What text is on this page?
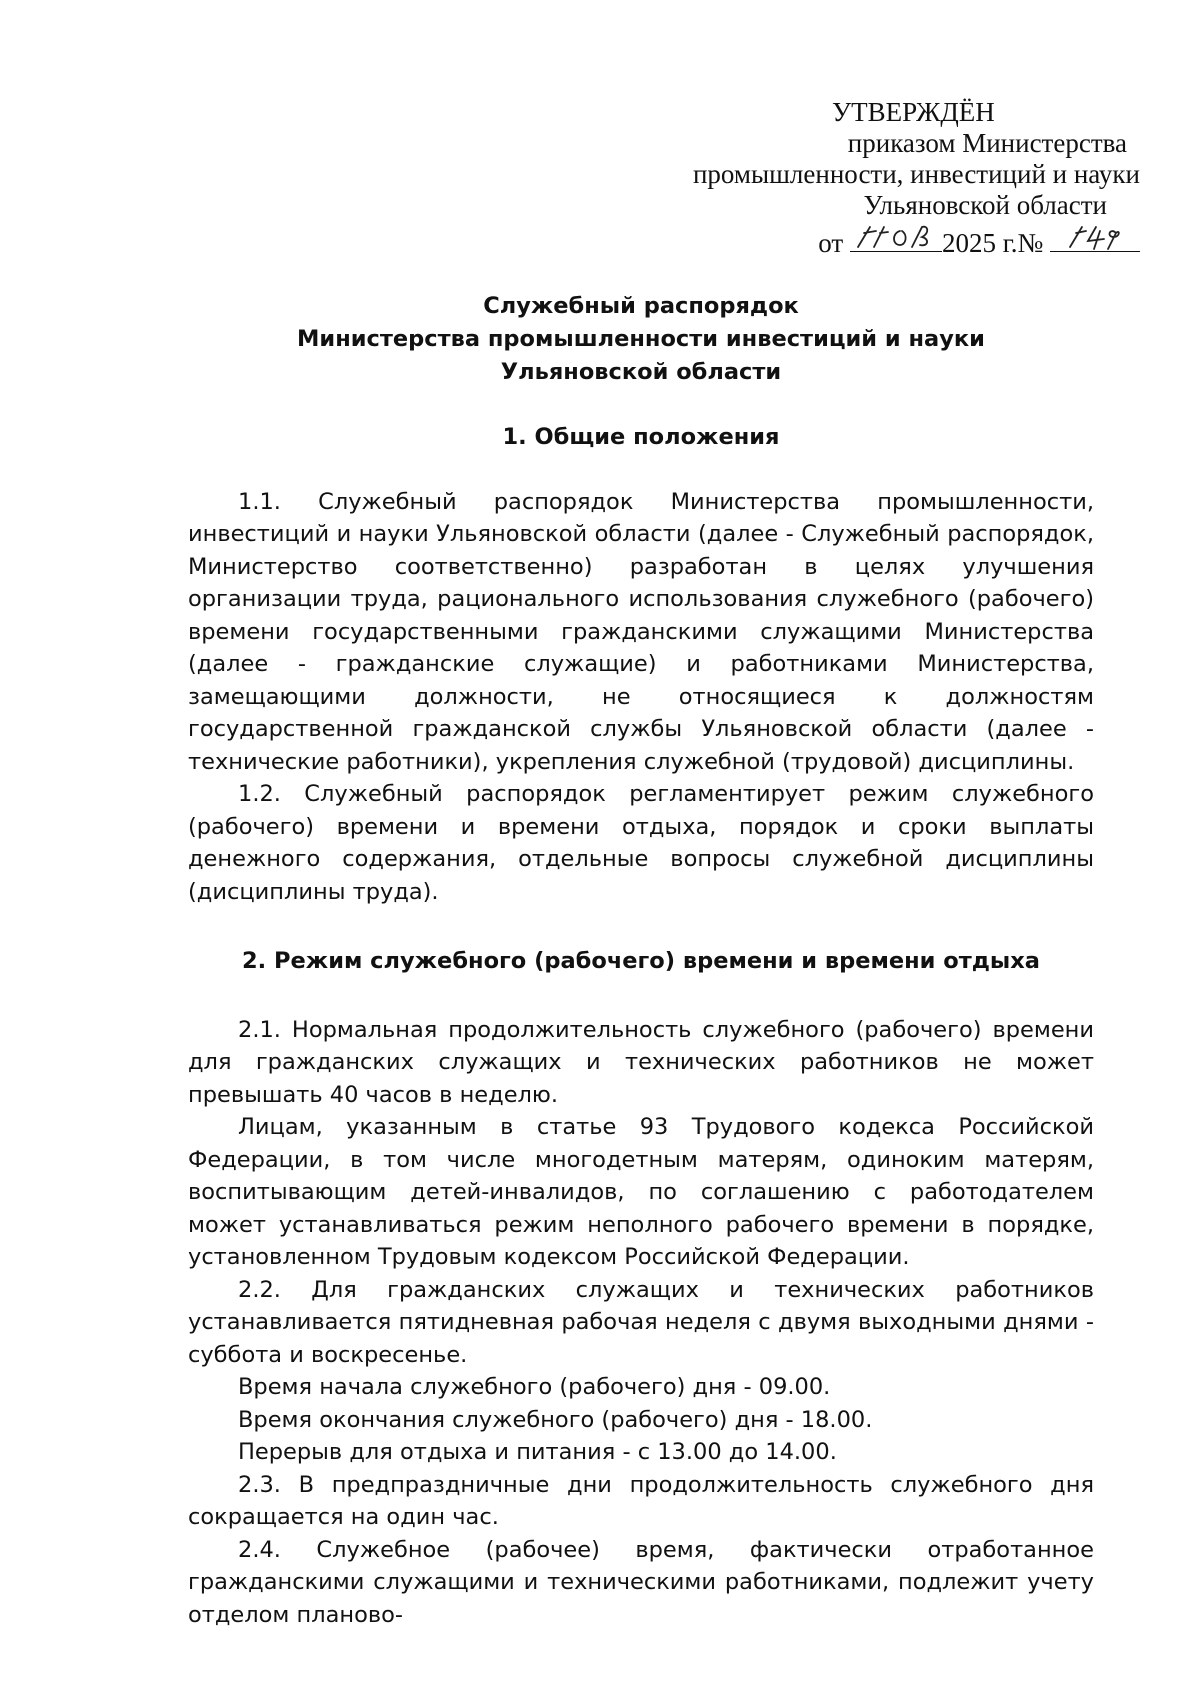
УТВЕРЖДЁН
приказом Министерства
промышленности, инвестиций и науки
Ульяновской области
от	2025 г.№
Служебный распорядок
Министерства промышленности инвестиций и науки
Ульяновской области
1. Общие положения

1.1. Служебный распорядок Министерства промышленности, инвестиций и науки Ульяновской области (далее - Служебный распорядок, Министерство соответственно) разработан в целях улучшения организации труда, рационального использования служебного (рабочего) времени государственными гражданскими служащими Министерства (далее - гражданские служащие) и работниками Министерства, замещающими должности, не относящиеся к должностям государственной гражданской службы Ульяновской области (далее - технические работники), укрепления служебной (трудовой) дисциплины.

1.2. Служебный распорядок регламентирует режим служебного (рабочего) времени и времени отдыха, порядок и сроки выплаты денежного содержания, отдельные вопросы служебной дисциплины (дисциплины труда).

2. Режим служебного (рабочего) времени и времени отдыха

2.1. Нормальная продолжительность служебного (рабочего) времени для гражданских служащих и технических работников не может превышать 40 часов в неделю.

Лицам, указанным в статье 93 Трудового кодекса Российской Федерации, в том числе многодетным матерям, одиноким матерям, воспитывающим детей-инвалидов, по соглашению с работодателем может устанавливаться режим неполного рабочего времени в порядке, установленном Трудовым кодексом Российской Федерации.

2.2. Для гражданских служащих и технических работников устанавливается пятидневная рабочая неделя с двумя выходными днями - суббота и воскресенье.

Время начала служебного (рабочего) дня - 09.00.

Время окончания служебного (рабочего) дня - 18.00.

Перерыв для отдыха и питания - с 13.00 до 14.00.

2.3. В предпраздничные дни продолжительность служебного дня сокращается на один час.

2.4. Служебное (рабочее) время, фактически отработанное гражданскими служащими и техническими работниками, подлежит учету отделом планово-
